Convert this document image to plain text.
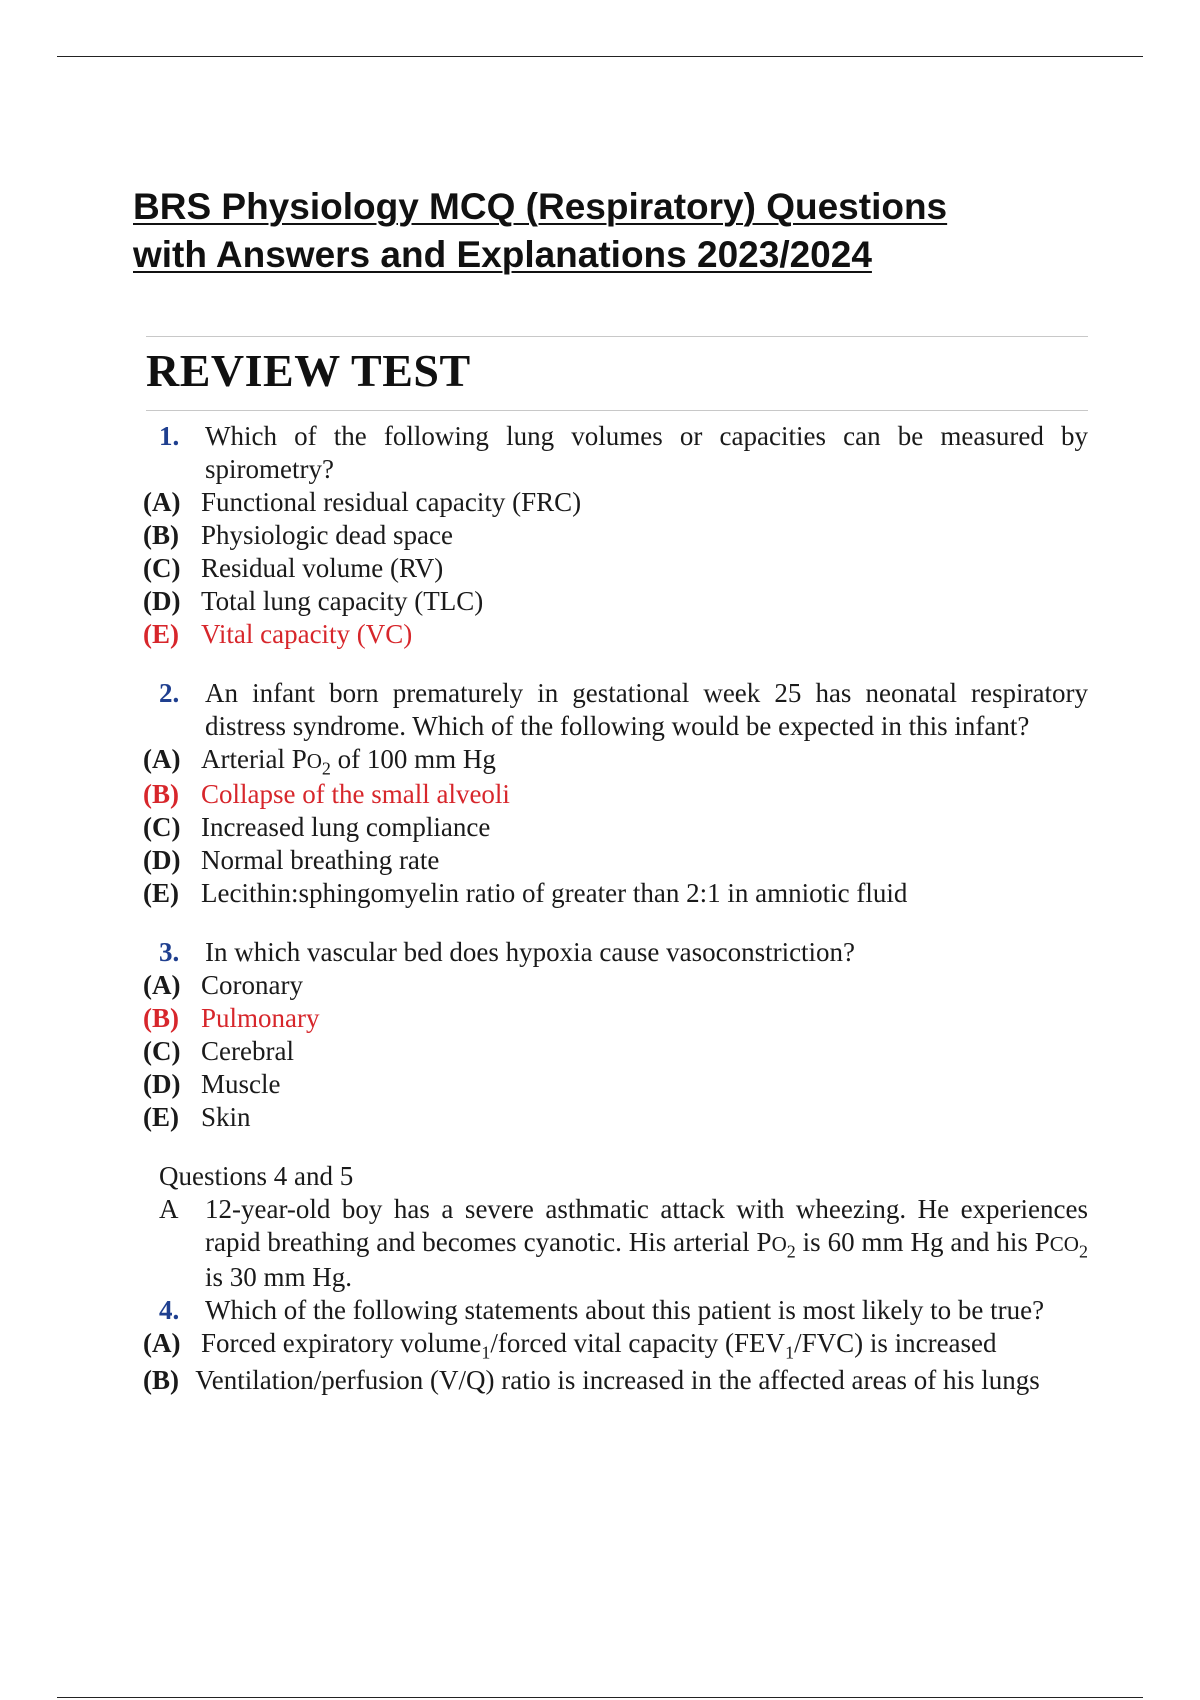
BRS Physiology MCQ (Respiratory) Questions
with Answers and Explanations 2023/2024
REVIEW TEST
1. Which of the following lung volumes or capacities can be measured by spirometry?
(A) Functional residual capacity (FRC)
(B) Physiologic dead space
(C) Residual volume (RV)
(D) Total lung capacity (TLC)
(E) Vital capacity (VC)
2. An infant born prematurely in gestational week 25 has neonatal respiratory distress syndrome. Which of the following would be expected in this infant?
(A) Arterial $PO_2$ of 100 mm Hg
(B) Collapse of the small alveoli
(C) Increased lung compliance
(D) Normal breathing rate
(E) Lecithin:sphingomyelin ratio of greater than 2:1 in amniotic fluid
3. In which vascular bed does hypoxia cause vasoconstriction?
(A) Coronary
(B) Pulmonary
(C) Cerebral
(D) Muscle
(E) Skin
Questions 4 and 5
A 12-year-old boy has a severe asthmatic attack with wheezing. He experiences rapid breathing and becomes cyanotic. His arterial $PO_2$ is 60 mm Hg and his $PCO_2$ is 30 mm Hg.
4. Which of the following statements about this patient is most likely to be true?
(A) Forced expiratory volume$_1$/forced vital capacity $(FEV_1/FVC)$ is increased
(B) Ventilation/perfusion (V/Q) ratio is increased in the affected areas of his lungs
